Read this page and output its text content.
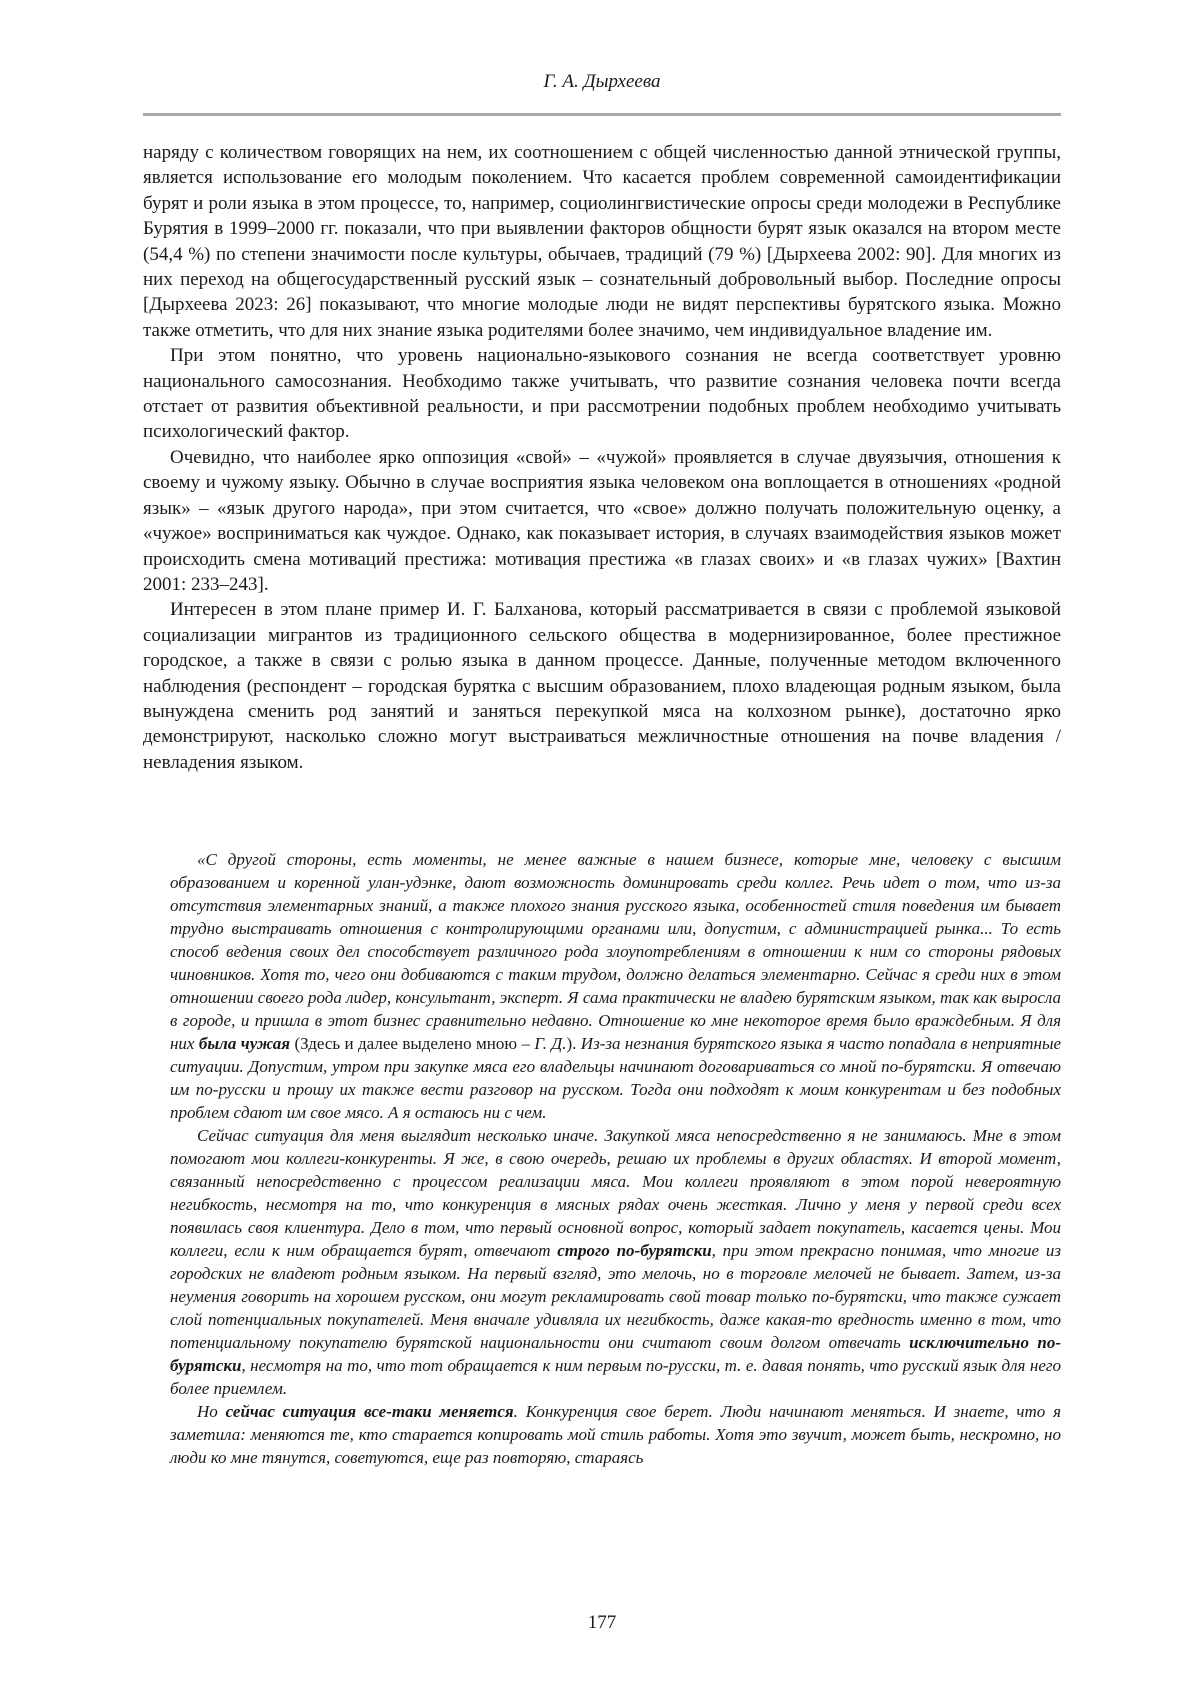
Г. А. Дырхеева

наряду с количеством говорящих на нем, их соотношением с общей численностью данной этнической группы, является использование его молодым поколением. Что касается проблем современной самоидентификации бурят и роли языка в этом процессе, то, например, социолингвистические опросы среди молодежи в Республике Бурятия в 1999–2000 гг. показали, что при выявлении факторов общности бурят язык оказался на втором месте (54,4 %) по степени значимости после культуры, обычаев, традиций (79 %) [Дырхеева 2002: 90]. Для многих из них переход на общегосударственный русский язык – сознательный добровольный выбор. Последние опросы [Дырхеева 2023: 26] показывают, что многие молодые люди не видят перспективы бурятского языка. Можно также отметить, что для них знание языка родителями более значимо, чем индивидуальное владение им.

При этом понятно, что уровень национально-языкового сознания не всегда соответствует уровню национального самосознания. Необходимо также учитывать, что развитие сознания человека почти всегда отстает от развития объективной реальности, и при рассмотрении подобных проблем необходимо учитывать психологический фактор.

Очевидно, что наиболее ярко оппозиция «свой» – «чужой» проявляется в случае двуязычия, отношения к своему и чужому языку. Обычно в случае восприятия языка человеком она воплощается в отношениях «родной язык» – «язык другого народа», при этом считается, что «свое» должно получать положительную оценку, а «чужое» восприниматься как чуждое. Однако, как показывает история, в случаях взаимодействия языков может происходить смена мотиваций престижа: мотивация престижа «в глазах своих» и «в глазах чужих» [Вахтин 2001: 233–243].

Интересен в этом плане пример И. Г. Балханова, который рассматривается в связи с проблемой языковой социализации мигрантов из традиционного сельского общества в модернизированное, более престижное городское, а также в связи с ролью языка в данном процессе. Данные, полученные методом включенного наблюдения (респондент – городская бурятка с высшим образованием, плохо владеющая родным языком, была вынуждена сменить род занятий и заняться перекупкой мяса на колхозном рынке), достаточно ярко демонстрируют, насколько сложно могут выстраиваться межличностные отношения на почве владения / невладения языком.

«С другой стороны, есть моменты, не менее важные в нашем бизнесе, которые мне, человеку с высшим образованием и коренной улан-удэнке, дают возможность доминировать среди коллег. Речь идет о том, что из-за отсутствия элементарных знаний, а также плохого знания русского языка, особенностей стиля поведения им бывает трудно выстраивать отношения с контролирующими органами или, допустим, с администрацией рынка... То есть способ ведения своих дел способствует различного рода злоупотреблениям в отношении к ним со стороны рядовых чиновников. Хотя то, чего они добиваются с таким трудом, должно делаться элементарно. Сейчас я среди них в этом отношении своего рода лидер, консультант, эксперт. Я сама практически не владею бурятским языком, так как выросла в городе, и пришла в этот бизнес сравнительно недавно. Отношение ко мне некоторое время было враждебным. Я для них была чужая (Здесь и далее выделено мною – Г. Д.). Из-за незнания бурятского языка я часто попадала в неприятные ситуации. Допустим, утром при закупке мяса его владельцы начинают договариваться со мной по-бурятски. Я отвечаю им по-русски и прошу их также вести разговор на русском. Тогда они подходят к моим конкурентам и без подобных проблем сдают им свое мясо. А я остаюсь ни с чем.

Сейчас ситуация для меня выглядит несколько иначе. Закупкой мяса непосредственно я не занимаюсь. Мне в этом помогают мои коллеги-конкуренты. Я же, в свою очередь, решаю их проблемы в других областях. И второй момент, связанный непосредственно с процессом реализации мяса. Мои коллеги проявляют в этом порой невероятную негибкость, несмотря на то, что конкуренция в мясных рядах очень жесткая. Лично у меня у первой среди всех появилась своя клиентура. Дело в том, что первый основной вопрос, который задает покупатель, касается цены. Мои коллеги, если к ним обращается бурят, отвечают строго по-бурятски, при этом прекрасно понимая, что многие из городских не владеют родным языком. На первый взгляд, это мелочь, но в торговле мелочей не бывает. Затем, из-за неумения говорить на хорошем русском, они могут рекламировать свой товар только по-бурятски, что также сужает слой потенциальных покупателей. Меня вначале удивляла их негибкость, даже какая-то вредность именно в том, что потенциальному покупателю бурятской национальности они считают своим долгом отвечать исключительно по-бурятски, несмотря на то, что тот обращается к ним первым по-русски, т. е. давая понять, что русский язык для него более приемлем.

Но сейчас ситуация все-таки меняется. Конкуренция свое берет. Люди начинают меняться. И знаете, что я заметила: меняются те, кто старается копировать мой стиль работы. Хотя это звучит, может быть, нескромно, но люди ко мне тянутся, советуются, еще раз повторяю, стараясь

177
